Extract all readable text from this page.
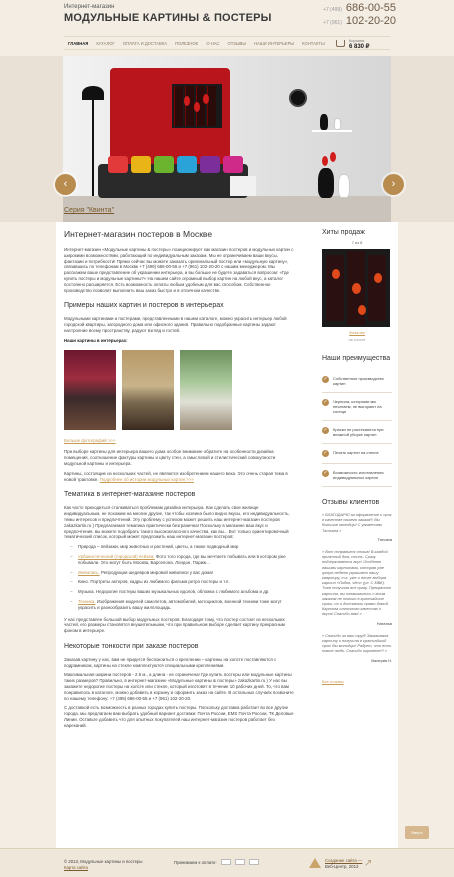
Интернет-магазин
МОДУЛЬНЫЕ КАРТИНЫ & ПОСТЕРЫ
+7 (499) 686-00-55
+7 (961) 102-20-20
ГЛАВНАЯ	КАТАЛОГ	ОПЛАТА И ДОСТАВКА	ПОЛЕЗНОЕ	О НАС	ОТЗЫВЫ	НАШИ ИНТЕРЬЕРЫ	КОНТАКТЫ	Корзина
6 830 ₽
‹	›
Серия "Квинта"
Интернет-магазин постеров в Москве

Интернет-магазин «Модульные картины & постеры» позиционирует как магазин постеров и модульных картин с широкими возможностями, работающий по индивидуальным заказам. Мы не ограничиваем ваши вкусы, фантазии и потребности! Прямо сейчас вы можете заказать оригинальный постер или «модульную картину», связавшись по телефонам в Москве +7 (499) 686-00-55 и +7 (961) 102-20-20 с нашим менеджером. Мы расскажем ваше представление об украшении интерьера, и вы больше не будете задаваться вопросом: «Где купить постеры и модульные картины?» На нашем сайте огромный выбор картин на любой вкус, а каталог постоянно расширяется. Есть возможность оплаты любым удобным для вас способом. Собственное производство позволит выполнить ваш заказ быстро и в отличном качестве.

Примеры наших картин и постеров в интерьерах

Модульными картинами и постерами, представленными в нашем каталоге, можно украсить интерьер любой городской квартиры, загородного дома или офисного здания. Правильно подобранные картины задают настроение всему пространству, радуют взгляд и гостей.

Наши картины в интерьерах:
Больше фотографий >>>

При выборе картины для интерьера вашего дома особое внимание обратите на особенности дизайна помещения, соотношение фактуры картины и цвету стен, а смысловой и стилистический совокупности модульной картины и интерьера.

Картины, состоящие из нескольких частей, не являются изобретением нашего века. Это очень старая тема в новой трактовке. Подробнее об истории модульных картин >>>

Тематика в интернет-магазине постеров

Как часто приходиться сталкиваться проблемам дизайна интерьера. Как сделать свое жилище индивидуальным, не похожим на многие другие, так чтобы хозяина было видно вкусы, его индивидуальность, темы интересов и предпочтений. Эту проблему с успехом может решить наш интернет-магазин постеров zakazkartin.ru ) Предлагаемая тематика практически безгранична! Поскольку в магазине ваш вкус и предпочтения, вы можете подобрать такого высококлассного качества, как вы... Вот только ориентировочный тематический список, который может предложить наш интернет-магазин постеров:

– Природа – пейзажи, мир животных и растений, цветы, а также подводный мир
– Урбанистический (городской) пейзаж. Фото того города, где вы мечтаете побывать или в котором уже побывали. Это могут быть Москва, Барселона, Лондон, Париж...
– Живопись. Репродукции шедевров мировой живописи у вас дома!
– Кино. Портреты актеров, кадры из любимого фильма ретро постеры и т.п.
– Музыка. Недорогие постеры ваших музыкальных идолов, обложка с любимого альбома и др.
– Техника. Изображения моделей самолетов, автомобилей, мотоциклов, военной техники тоже могут украсить и разнообразить вашу жилплощадь.

У нас представлен большой выбор модульных постеров. Благодаря тому, что постер состоит из нескольких частей, его размеры становятся внушительными, что при правильном выборе сделает картину прекрасным фоном в интерьере.

Некоторые тонкости при заказе постеров

Заказав картину у нас, вам не придется беспокоиться о креплении – картины на холсте поставляются с подрамником, картины на стекле комплектуются специальными креплениями.

Максимальная ширина постеров - 2.5 м., а длина - не ограничена! Где купить постеры или модульные картины таких размеров? Правильно, в интернет-магазине «Модульные картины & постеры» zakazkartin.ru ) У нас вы закажете недорогие постеры на холсте или стекле, который изготовят в течение 10 рабочих дней. То, что вам понравилось в каталоге, можно добавить в корзину и оформить заказ на сайте. В остальных случаях позвоните по нашему телефону: +7 (499) 686-00-55 и +7 (961) 102-20-20.

С доставкой есть возможность в разных городах купить постеры. Поскольку доставка работает во все другие города, мы предлагаем вам выбрать удобный вариант доставки: Почта России, EMS Почта России, ТК Деловые Линии. Оставьте добавить что для опытных покупателей наш интернет-магазин постеров работает без нареканий.

Хиты продаж
7 из 8
Физалис
на холсте
Наши преимущества
✓	Собственное производство картин
✓	Чернила, которыми мы печатаем, не выгорают на солнце
✓	Краски не растекаются при влажной уборке картин
✓	Печать картин на стекле
✓	Возможность изготовления индивидуальных картин
Отзывы клиентов
« БЛАГОДАРЮ за оформление и срок в качестве нашего заказа!!! Вы большие молодцы! С уважением, Татьяна »
Татьяна
« Вот понравился отзыв! В каждой приятный дом, стиль. Сразу подчеркивается вкус! Особенно вашими картинами, которая уже целую неделю украшает нашу квартиру, т.к. уже и после выбора картин «Лидия, чёт» (ул. С МВК). Тоже получила все сразу. Прекрасная картина, вы ознакомились с моим заказом не только в кратчайшие сроки, но и доставили прямо домой. Картина отличного качества и вкуса! Спасибо вам! »
Наталья
« Спасибо за ваш труд! Заказывала картину и получила в кратчайший срок! Вы молодцы! Радует, что есть такие люди. Спасибо огромное!!! »
Валерия Н.
Все отзывы
Вверх
© 2013, Модульные картины и постеры
Карта сайта
Принимаем к оплате:	Создание сайта —
Веб-Центр, 2013 ↗
